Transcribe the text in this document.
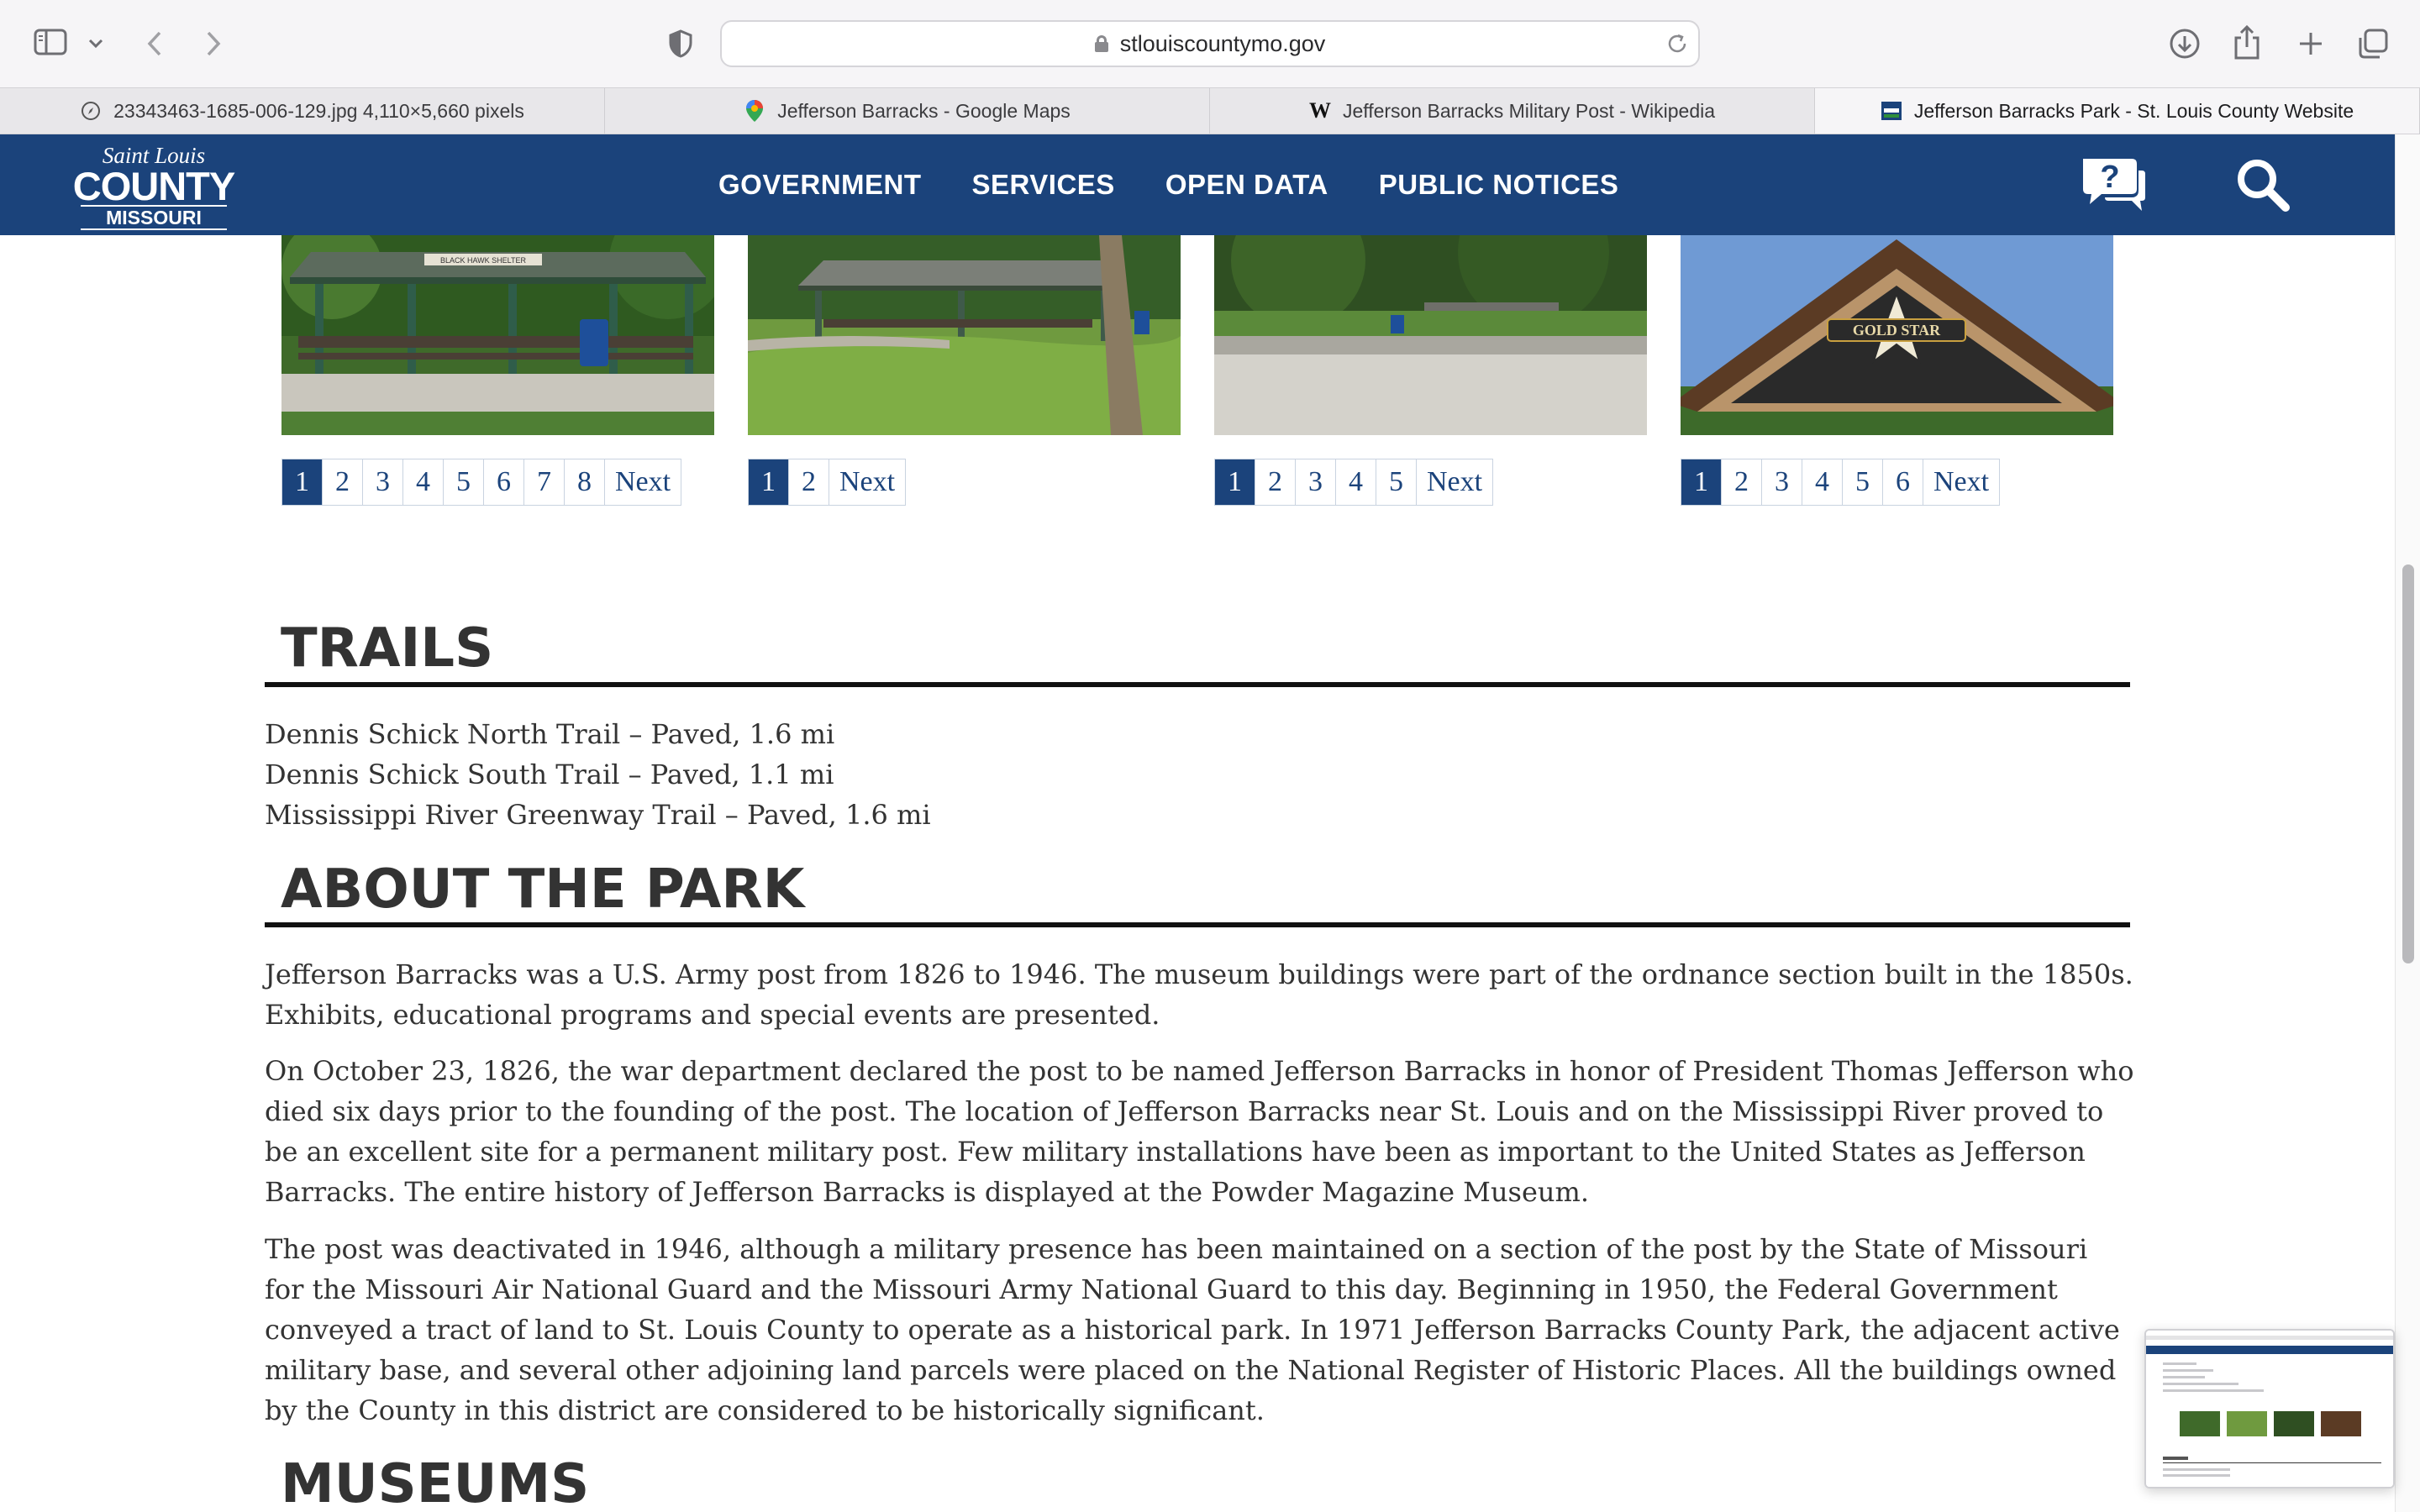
stlouiscountymo.gov
23343463-1685-006-129.jpg 4,110×5,660 pixels	Jefferson Barracks - Google Maps	W Jefferson Barracks Military Post - Wikipedia	Jefferson Barracks Park - St. Louis County Website
Saint Louis
COUNTY
MISSOURI
GOVERNMENT SERVICES OPEN DATA PUBLIC NOTICES	?
BLACK HAWK SHELTER
GOLD STAR
1 2 3 4 5 6 7 8 Next	1 2 Next	1 2 3 4 5 Next	1 2 3 4 5 6 Next
TRAILS
Dennis Schick North Trail – Paved, 1.6 mi
Dennis Schick South Trail – Paved, 1.1 mi
Mississippi River Greenway Trail – Paved, 1.6 mi
ABOUT THE PARK

Jefferson Barracks was a U.S. Army post from 1826 to 1946. The museum buildings were part of the ordnance section built in the 1850s. Exhibits, educational programs and special events are presented.

On October 23, 1826, the war department declared the post to be named Jefferson Barracks in honor of President Thomas Jefferson who died six days prior to the founding of the post. The location of Jefferson Barracks near St. Louis and on the Mississippi River proved to be an excellent site for a permanent military post. Few military installations have been as important to the United States as Jefferson Barracks. The entire history of Jefferson Barracks is displayed at the Powder Magazine Museum.

The post was deactivated in 1946, although a military presence has been maintained on a section of the post by the State of Missouri for the Missouri Air National Guard and the Missouri Army National Guard to this day. Beginning in 1950, the Federal Government conveyed a tract of land to St. Louis County to operate as a historical park. In 1971 Jefferson Barracks County Park, the adjacent active military base, and several other adjoining land parcels were placed on the National Register of Historic Places. All the buildings owned by the County in this district are considered to be historically significant.

MUSEUMS
